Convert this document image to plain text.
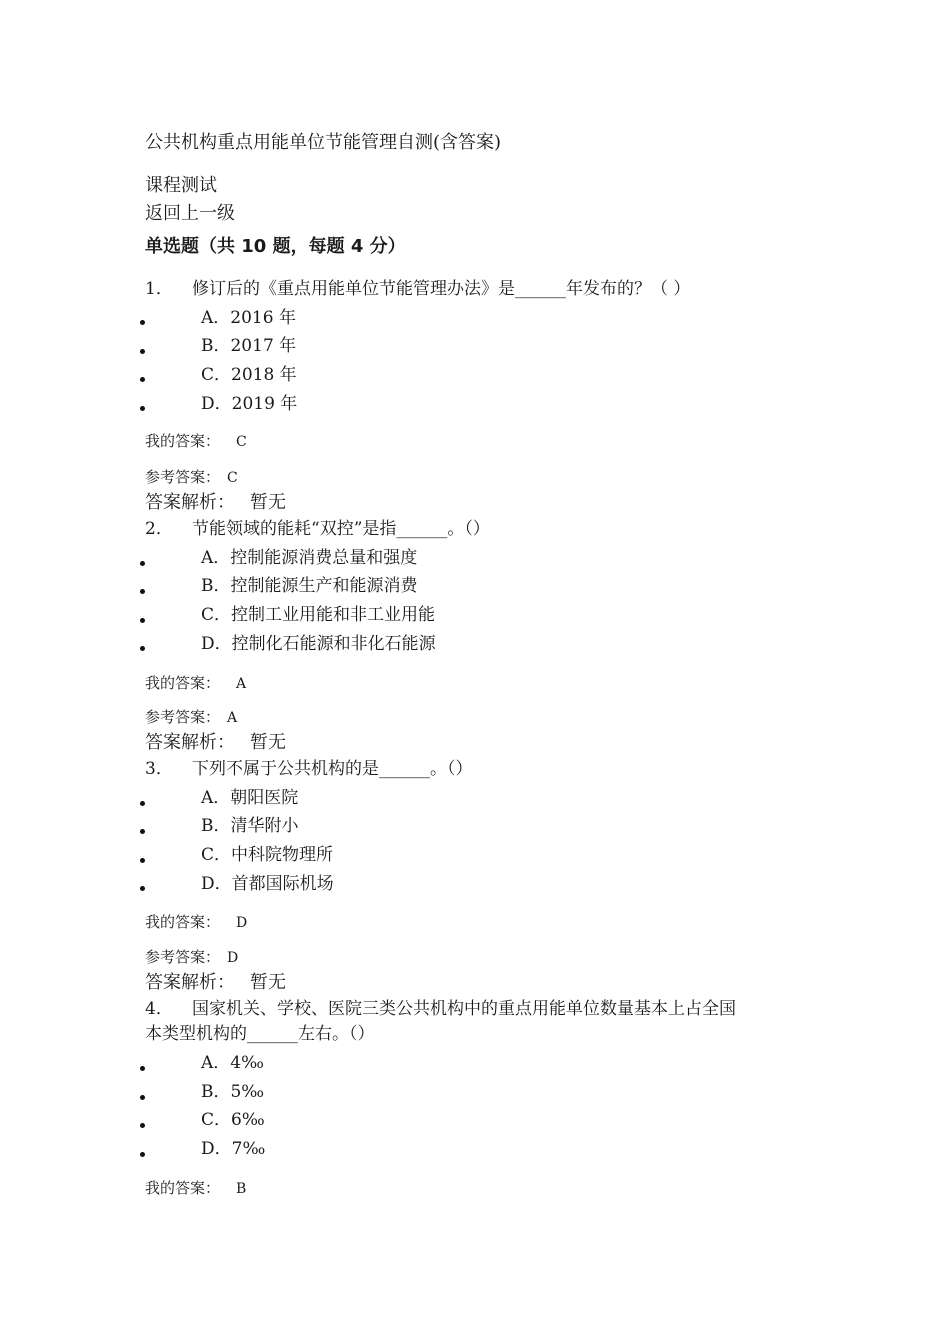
公共机构重点用能单位节能管理自测(含答案)
课程测试
返回上一级
单选题（共 10 题，每题 4 分）
1． 修订后的《重点用能单位节能管理办法》是______年发布的？（ ）
A．2016 年
B．2017 年
C．2018 年
D．2019 年
我的答案： C
参考答案： C
答案解析： 暂无
2． 节能领域的能耗“双控”是指______。（）
A．控制能源消费总量和强度
B．控制能源生产和能源消费
C．控制工业用能和非工业用能
D．控制化石能源和非化石能源
我的答案： A
参考答案： A
答案解析： 暂无
3． 下列不属于公共机构的是______。（）
A．朝阳医院
B．清华附小
C．中科院物理所
D．首都国际机场
我的答案： D
参考答案： D
答案解析： 暂无
4． 国家机关、学校、医院三类公共机构中的重点用能单位数量基本上占全国
本类型机构的______左右。（）
A．4‰
B．5‰
C．6‰
D．7‰
我的答案： B
